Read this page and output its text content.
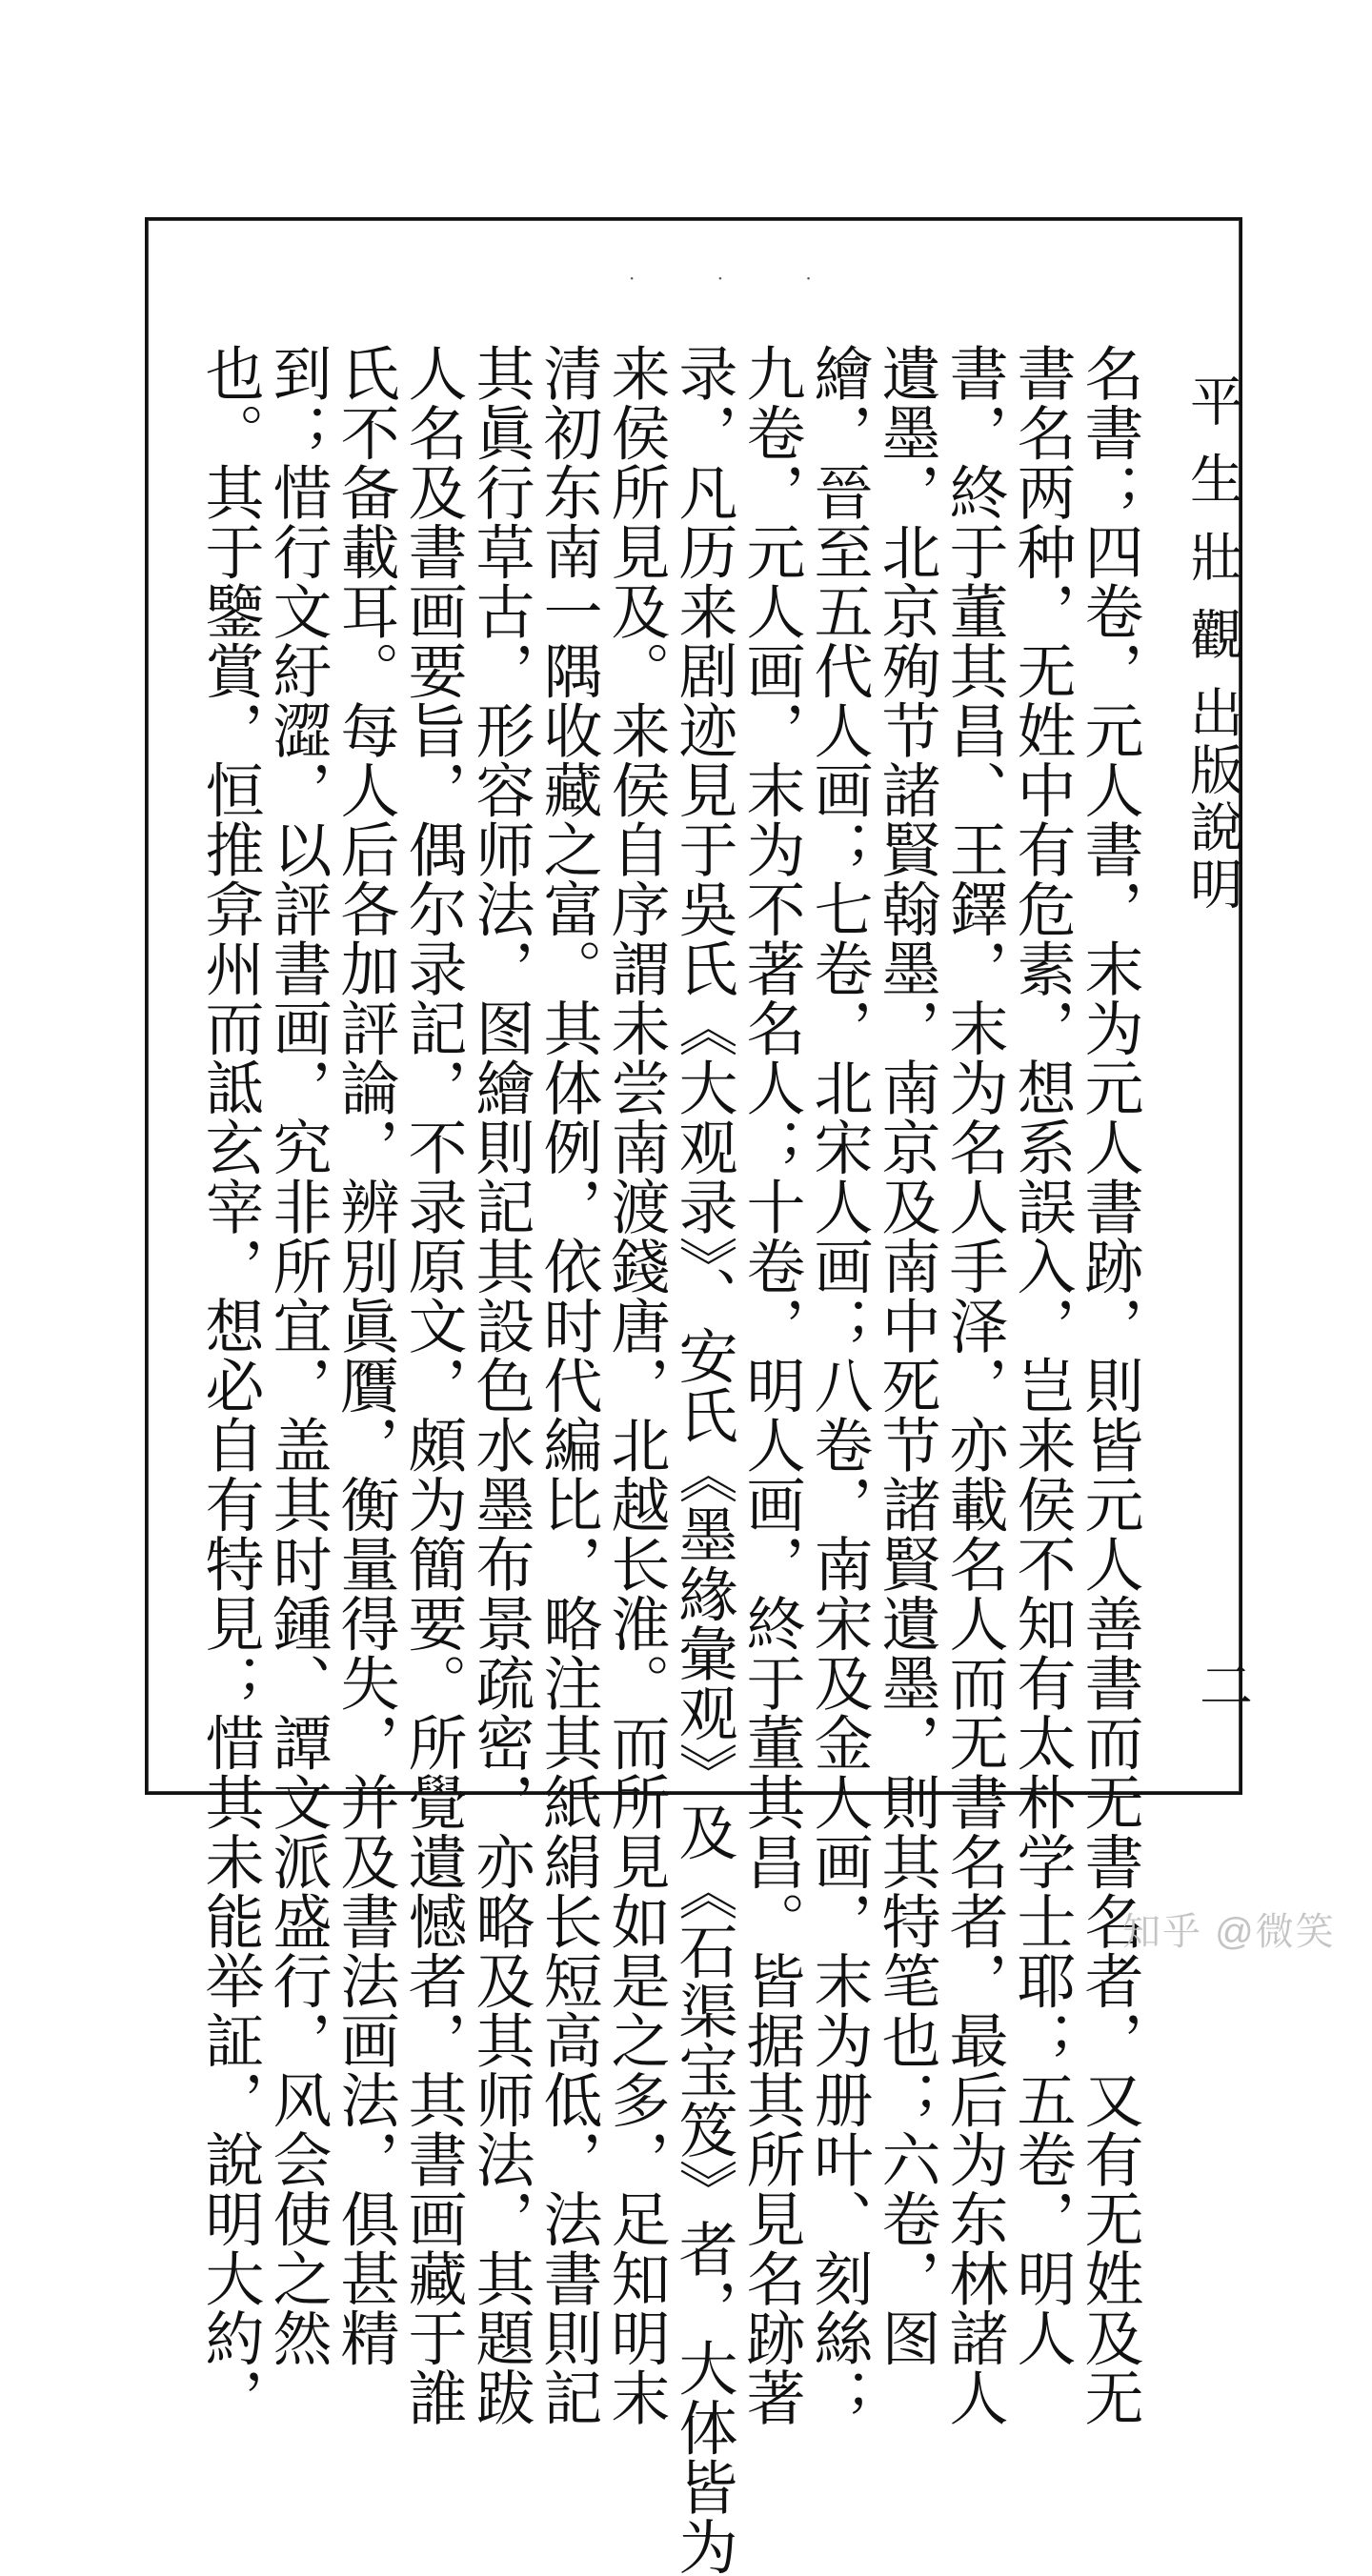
· · ·
平 生 壯 觀 出版說明
二
名書；四卷，元人書，末为元人書跡，則皆元人善書而无書名者，又有无姓及无
書名两种，无姓中有危素，想系誤入，岂来侯不知有太朴学士耶；五卷，明人
書，終于董其昌、王鐸，末为名人手泽，亦載名人而无書名者，最后为东林諸人
遺墨，北京殉节諸賢翰墨，南京及南中死节諸賢遺墨，則其特笔也；六卷，图
繪，晉至五代人画；七卷，北宋人画；八卷，南宋及金人画，末为册叶、刻絲；
九卷，元人画，末为不著名人；十卷，明人画，終于董其昌。皆据其所見名跡著
录，凡历来剧迹見于吳氏《大观录》、安氏《墨緣彙观》及《石渠宝笈》者，大体皆为
来侯所見及。来侯自序謂未尝南渡錢唐，北越长淮。而所見如是之多，足知明末
清初东南一隅收藏之富。其体例，依时代編比，略注其紙絹长短高低，法書則記
其眞行草古，形容师法，图繪則記其設色水墨布景疏密，亦略及其师法，其題跋
人名及書画要旨，偶尔录記，不录原文，頗为簡要。所覺遺憾者，其書画藏于誰
氏不备載耳。每人后各加評論，辨別眞贋，衡量得失，并及書法画法，俱甚精
到；惜行文紆澀，以評書画，究非所宜，盖其时鍾、譚文派盛行，风会使之然
也。其于鑒賞，恒推弇州而詆玄宰，想必自有特見；惜其未能举証，說明大約，	知乎 @微笑
